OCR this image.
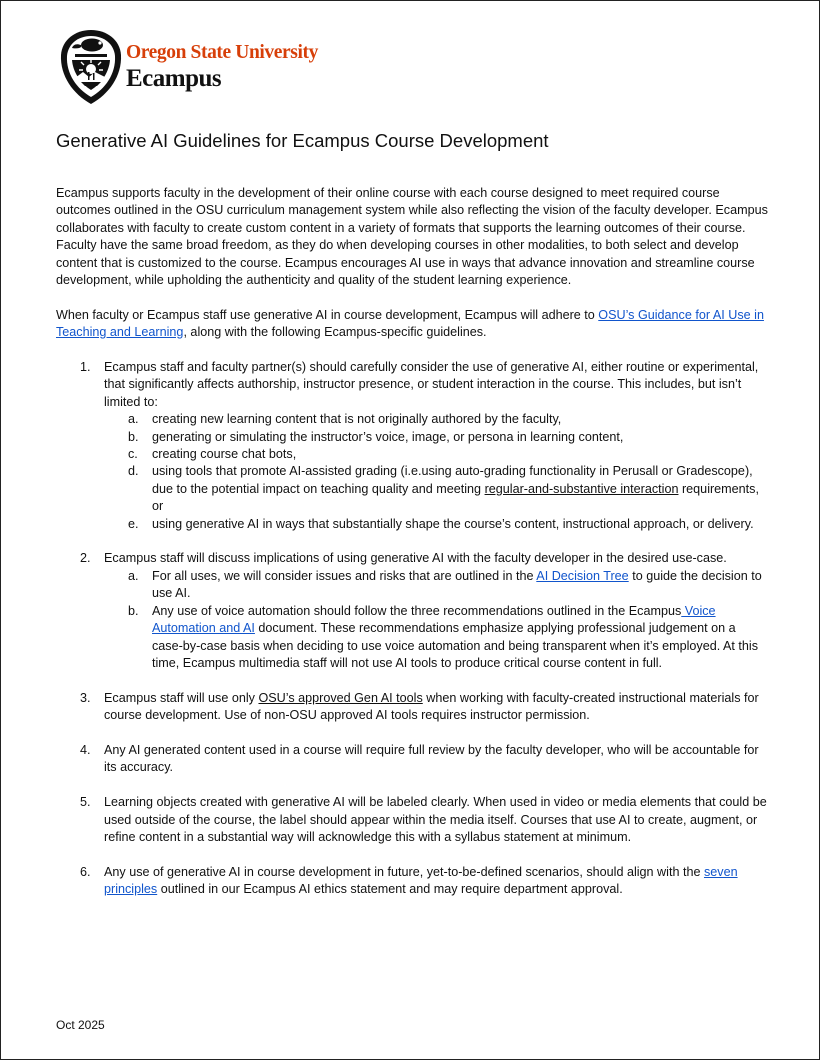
Oregon State University
Ecampus
Generative AI Guidelines for Ecampus Course Development

Ecampus supports faculty in the development of their online course with each course designed to meet required course outcomes outlined in the OSU curriculum management system while also reflecting the vision of the faculty developer. Ecampus collaborates with faculty to create custom content in a variety of formats that supports the learning outcomes of their course. Faculty have the same broad freedom, as they do when developing courses in other modalities, to both select and develop content that is customized to the course. Ecampus encourages AI use in ways that advance innovation and streamline course development, while upholding the authenticity and quality of the student learning experience.

When faculty or Ecampus staff use generative AI in course development, Ecampus will adhere to OSU’s Guidance for AI Use in Teaching and Learning, along with the following Ecampus-specific guidelines.

1. Ecampus staff and faculty partner(s) should carefully consider the use of generative AI, either routine or experimental, that significantly affects authorship, instructor presence, or student interaction in the course. This includes, but isn’t limited to:
a. creating new learning content that is not originally authored by the faculty,
b. generating or simulating the instructor’s voice, image, or persona in learning content,
c. creating course chat bots,
d. using tools that promote AI-assisted grading (i.e.using auto-grading functionality in Perusall or Gradescope), due to the potential impact on teaching quality and meeting regular-and-substantive interaction requirements, or
e. using generative AI in ways that substantially shape the course’s content, instructional approach, or delivery.
2. Ecampus staff will discuss implications of using generative AI with the faculty developer in the desired use-case.
a. For all uses, we will consider issues and risks that are outlined in the AI Decision Tree to guide the decision to use AI.
b. Any use of voice automation should follow the three recommendations outlined in the Ecampus Voice Automation and AI document. These recommendations emphasize applying professional judgement on a case-by-case basis when deciding to use voice automation and being transparent when it’s employed. At this time, Ecampus multimedia staff will not use AI tools to produce critical course content in full.
3. Ecampus staff will use only OSU’s approved Gen AI tools when working with faculty-created instructional materials for course development. Use of non-OSU approved AI tools requires instructor permission.
4. Any AI generated content used in a course will require full review by the faculty developer, who will be accountable for its accuracy.
5. Learning objects created with generative AI will be labeled clearly. When used in video or media elements that could be used outside of the course, the label should appear within the media itself. Courses that use AI to create, augment, or refine content in a substantial way will acknowledge this with a syllabus statement at minimum.
6. Any use of generative AI in course development in future, yet-to-be-defined scenarios, should align with the seven principles outlined in our Ecampus AI ethics statement and may require department approval.
Oct 2025
